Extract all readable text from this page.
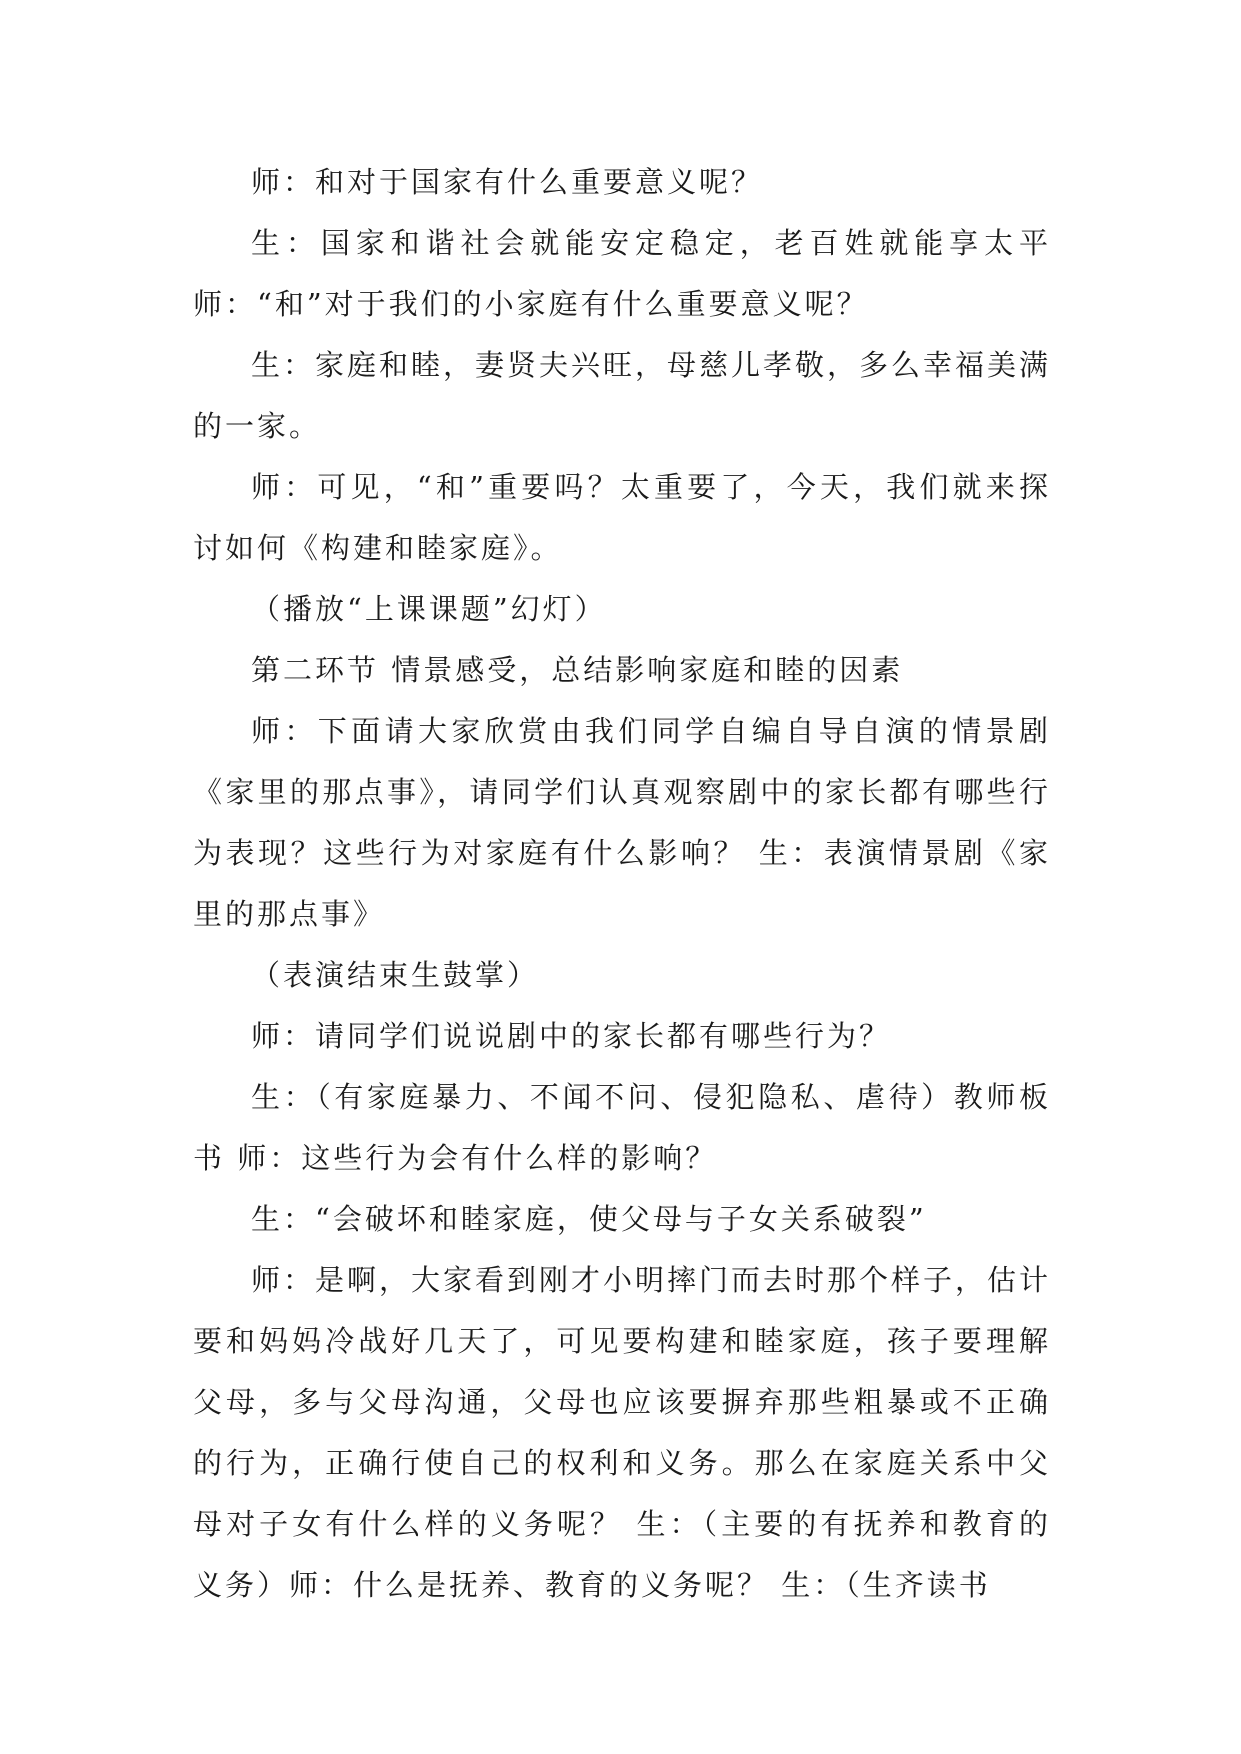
师：和对于国家有什么重要意义呢？

生：国家和谐社会就能安定稳定，老百姓就能享太平师：“和”对于我们的小家庭有什么重要意义呢？

生：家庭和睦，妻贤夫兴旺，母慈儿孝敬，多么幸福美满的一家。

师：可见，“和”重要吗？太重要了，今天，我们就来探讨如何《构建和睦家庭》。

（播放“上课课题”幻灯）

第二环节 情景感受，总结影响家庭和睦的因素

师：下面请大家欣赏由我们同学自编自导自演的情景剧《家里的那点事》，请同学们认真观察剧中的家长都有哪些行为表现？这些行为对家庭有什么影响？ 生：表演情景剧《家里的那点事》

（表演结束生鼓掌）

师：请同学们说说剧中的家长都有哪些行为？

生：（有家庭暴力、不闻不问、侵犯隐私、虐待）教师板书 师：这些行为会有什么样的影响？

生：“会破坏和睦家庭，使父母与子女关系破裂”

师：是啊，大家看到刚才小明摔门而去时那个样子，估计要和妈妈冷战好几天了，可见要构建和睦家庭，孩子要理解父母，多与父母沟通，父母也应该要摒弃那些粗暴或不正确的行为，正确行使自己的权利和义务。那么在家庭关系中父母对子女有什么样的义务呢？ 生：（主要的有抚养和教育的义务）师：什么是抚养、教育的义务呢？ 生：（生齐读书
